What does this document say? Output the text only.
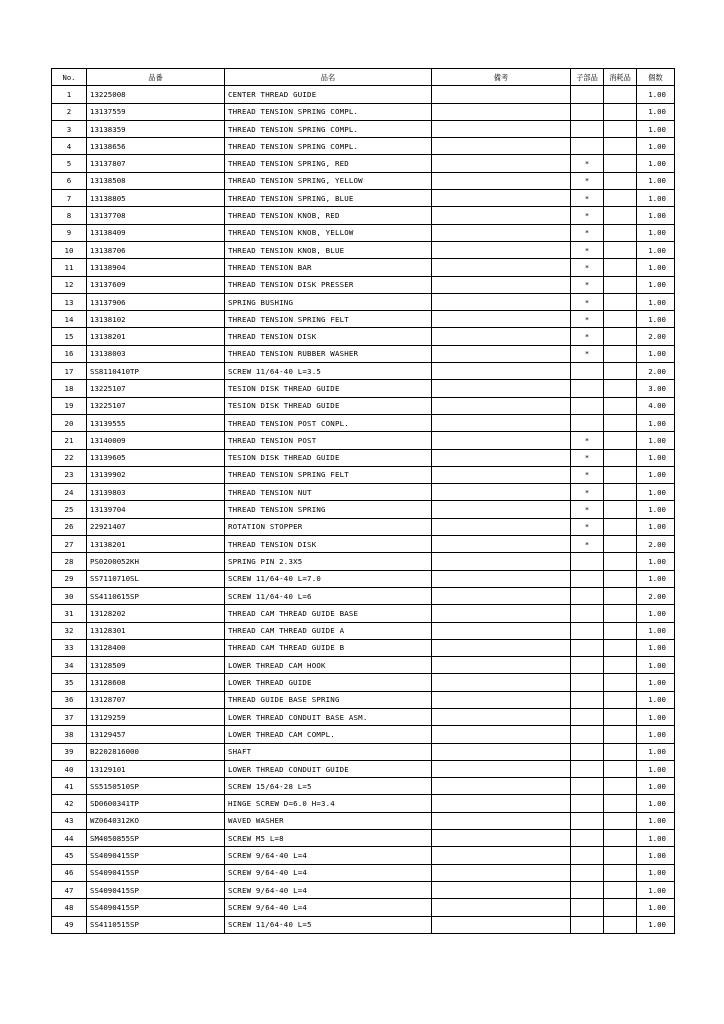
No.	品番	品名	備考	子部品	消耗品	個数
1	13225008	CENTER THREAD GUIDE				1.00
2	13137559	THREAD TENSION SPRING COMPL.				1.00
3	13138359	THREAD TENSION SPRING COMPL.				1.00
4	13138656	THREAD TENSION SPRING COMPL.				1.00
5	13137807	THREAD TENSION SPRING, RED		*		1.00
6	13138508	THREAD TENSION SPRING, YELLOW		*		1.00
7	13138805	THREAD TENSION SPRING, BLUE		*		1.00
8	13137708	THREAD TENSION KNOB, RED		*		1.00
9	13138409	THREAD TENSION KNOB, YELLOW		*		1.00
10	13138706	THREAD TENSION KNOB, BLUE		*		1.00
11	13138904	THREAD TENSION BAR		*		1.00
12	13137609	THREAD TENSION DISK PRESSER		*		1.00
13	13137906	SPRING BUSHING		*		1.00
14	13138102	THREAD TENSION SPRING FELT		*		1.00
15	13138201	THREAD TENSION DISK		*		2.00
16	13138003	THREAD TENSION RUBBER WASHER		*		1.00
17	SS8110410TP	SCREW 11/64-40 L=3.5				2.00
18	13225107	TESION DISK THREAD GUIDE				3.00
19	13225107	TESION DISK THREAD GUIDE				4.00
20	13139555	THREAD TENSION POST CONPL.				1.00
21	13140009	THREAD TENSION POST		*		1.00
22	13139605	TESION DISK THREAD GUIDE		*		1.00
23	13139902	THREAD TENSION SPRING FELT		*		1.00
24	13139803	THREAD TENSION NUT		*		1.00
25	13139704	THREAD TENSION SPRING		*		1.00
26	22921407	ROTATION STOPPER		*		1.00
27	13138201	THREAD TENSION DISK		*		2.00
28	PS0200052KH	SPRING PIN 2.3X5				1.00
29	SS7110710SL	SCREW 11/64-40 L=7.0				1.00
30	SS4110615SP	SCREW 11/64-40 L=6				2.00
31	13128202	THREAD CAM THREAD GUIDE BASE				1.00
32	13128301	THREAD CAM THREAD GUIDE A				1.00
33	13128400	THREAD CAM THREAD GUIDE B				1.00
34	13128509	LOWER THREAD CAM HOOK				1.00
35	13128608	LOWER THREAD GUIDE				1.00
36	13128707	THREAD GUIDE BASE SPRING				1.00
37	13129259	LOWER THREAD CONDUIT BASE ASM.				1.00
38	13129457	LOWER THREAD CAM COMPL.				1.00
39	B2202816000	SHAFT				1.00
40	13129101	LOWER THREAD CONDUIT GUIDE				1.00
41	SS5150510SP	SCREW 15/64-28 L=5				1.00
42	SD0600341TP	HINGE SCREW D=6.0 H=3.4				1.00
43	WZ0640312KO	WAVED WASHER				1.00
44	SM4050855SP	SCREW M5 L=8				1.00
45	SS4090415SP	SCREW 9/64-40 L=4				1.00
46	SS4090415SP	SCREW 9/64-40 L=4				1.00
47	SS4090415SP	SCREW 9/64-40 L=4				1.00
48	SS4090415SP	SCREW 9/64-40 L=4				1.00
49	SS4110515SP	SCREW 11/64-40 L=5				1.00
